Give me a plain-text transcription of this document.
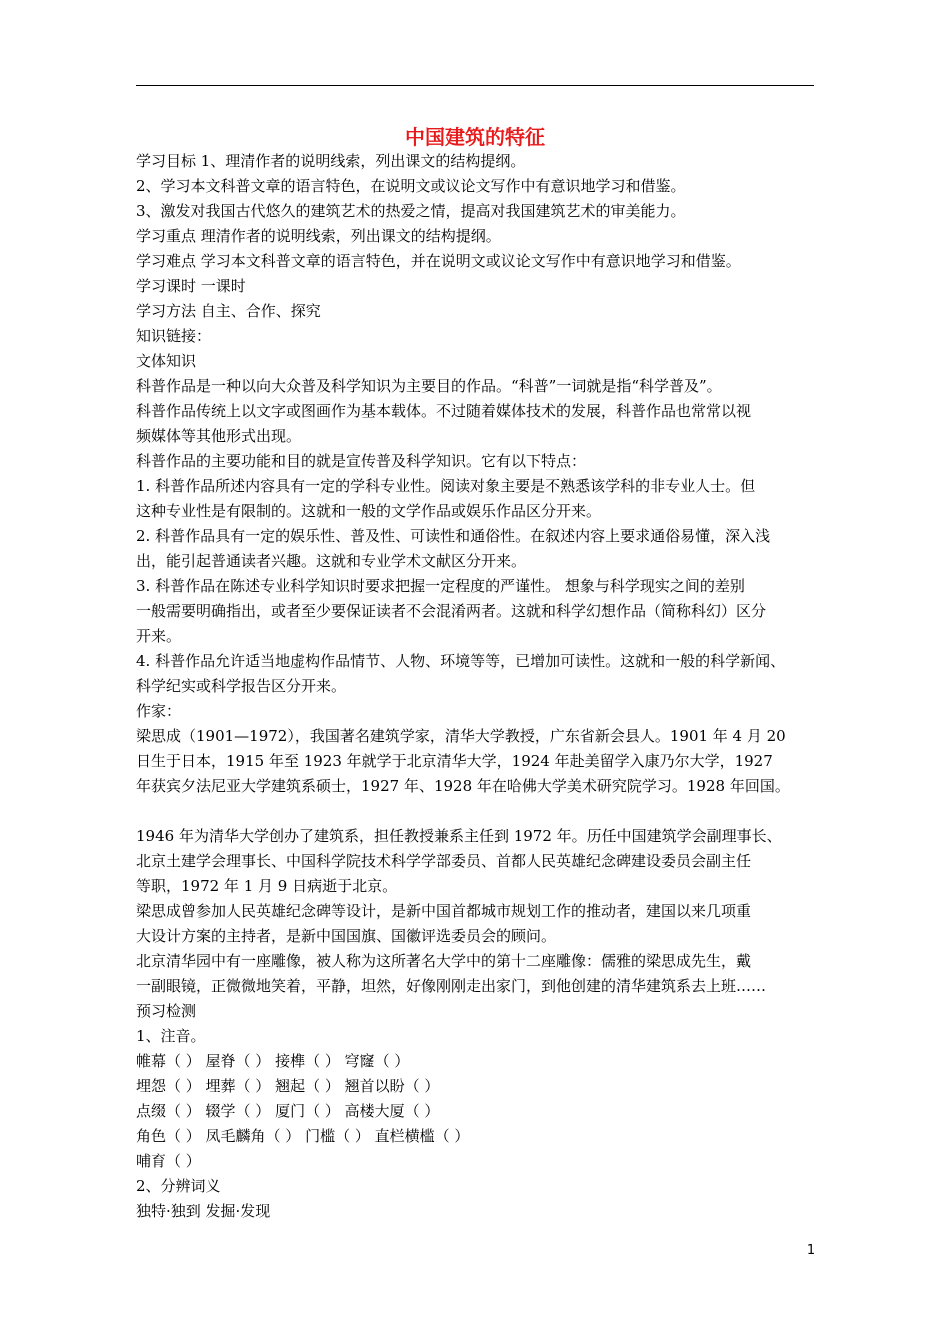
中国建筑的特征
学习目标 1、理清作者的说明线索，列出课文的结构提纲。
2、学习本文科普文章的语言特色，在说明文或议论文写作中有意识地学习和借鉴。
3、激发对我国古代悠久的建筑艺术的热爱之情，提高对我国建筑艺术的审美能力。
学习重点 理清作者的说明线索，列出课文的结构提纲。
学习难点 学习本文科普文章的语言特色，并在说明文或议论文写作中有意识地学习和借鉴。
学习课时 一课时
学习方法 自主、合作、探究
知识链接：
文体知识
科普作品是一种以向大众普及科学知识为主要目的作品。“科普”一词就是指“科学普及”。
科普作品传统上以文字或图画作为基本载体。不过随着媒体技术的发展，科普作品也常常以视
频媒体等其他形式出现。
科普作品的主要功能和目的就是宣传普及科学知识。它有以下特点：
1. 科普作品所述内容具有一定的学科专业性。阅读对象主要是不熟悉该学科的非专业人士。但
这种专业性是有限制的。这就和一般的文学作品或娱乐作品区分开来。
2. 科普作品具有一定的娱乐性、普及性、可读性和通俗性。在叙述内容上要求通俗易懂，深入浅
出，能引起普通读者兴趣。这就和专业学术文献区分开来。
3. 科普作品在陈述专业科学知识时要求把握一定程度的严谨性。 想象与科学现实之间的差别
一般需要明确指出，或者至少要保证读者不会混淆两者。这就和科学幻想作品（简称科幻）区分
开来。
4. 科普作品允许适当地虚构作品情节、人物、环境等等，已增加可读性。这就和一般的科学新闻、
科学纪实或科学报告区分开来。
作家：
梁思成（1901—1972），我国著名建筑学家，清华大学教授，广东省新会县人。1901 年 4 月 20
日生于日本，1915 年至 1923 年就学于北京清华大学，1924 年赴美留学入康乃尔大学，1927
年获宾夕法尼亚大学建筑系硕士，1927 年、1928 年在哈佛大学美术研究院学习。1928 年回国。
1946 年为清华大学创办了建筑系，担任教授兼系主任到 1972 年。历任中国建筑学会副理事长、
北京土建学会理事长、中国科学院技术科学学部委员、首都人民英雄纪念碑建设委员会副主任
等职，1972 年 1 月 9 日病逝于北京。
梁思成曾参加人民英雄纪念碑等设计，是新中国首都城市规划工作的推动者，建国以来几项重
大设计方案的主持者，是新中国国旗、国徽评选委员会的顾问。
北京清华园中有一座雕像，被人称为这所著名大学中的第十二座雕像：儒雅的梁思成先生，戴
一副眼镜，正微微地笑着，平静，坦然，好像刚刚走出家门，到他创建的清华建筑系去上班……
预习检测
1、注音。
帷幕（ ） 屋脊（ ） 接榫（ ） 穹窿（ ）
埋怨（ ） 埋葬（ ） 翘起（ ） 翘首以盼（ ）
点缀（ ） 辍学（ ） 厦门（ ） 高楼大厦（ ）
角色（ ） 凤毛麟角（ ） 门槛（ ） 直栏横槛（ ）
哺育（ ）
2、分辨词义
独特·独到 发掘·发现
1
